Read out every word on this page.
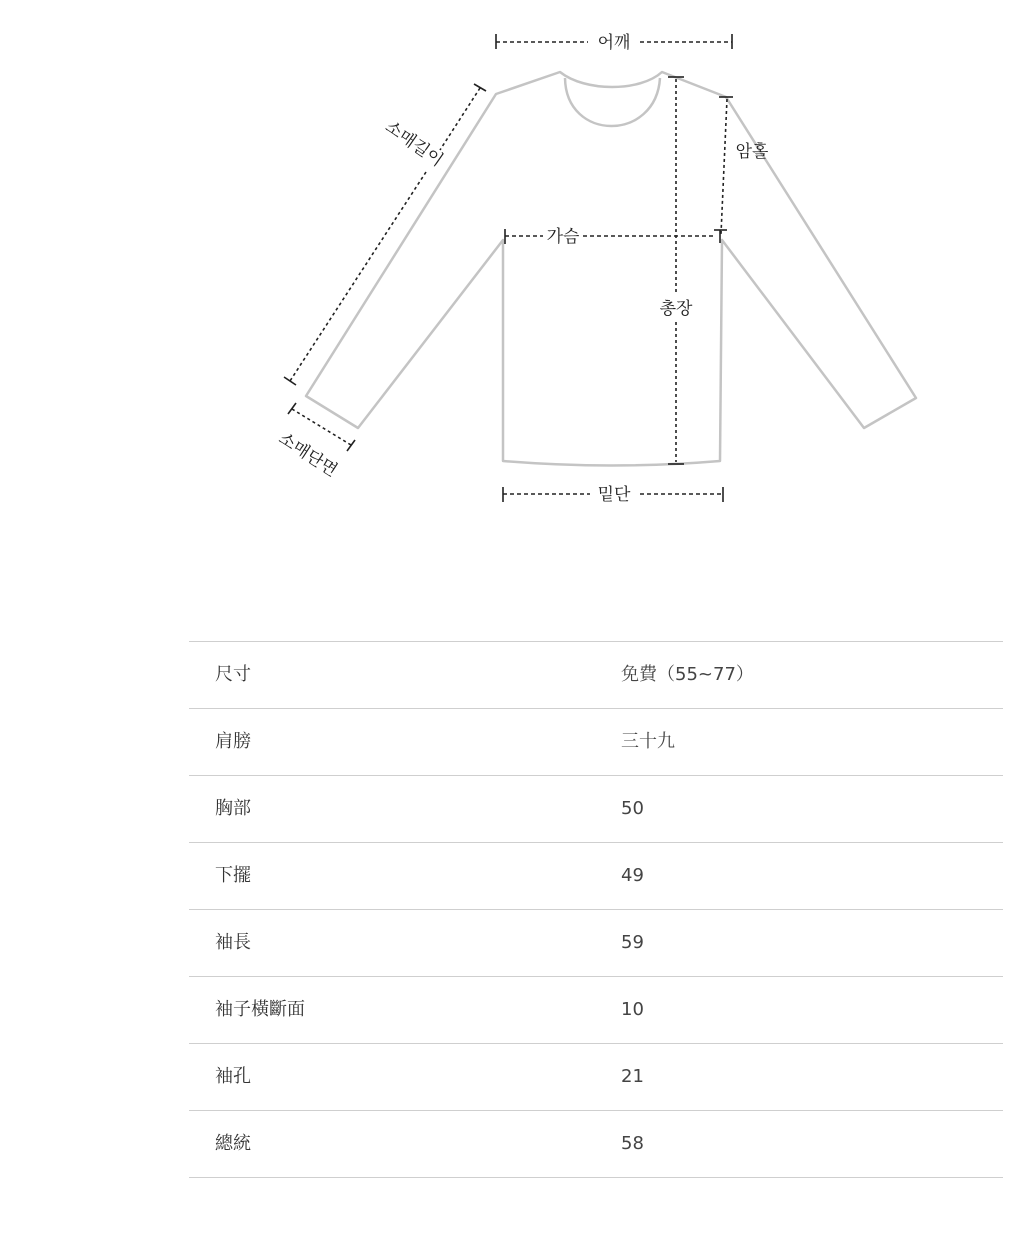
어깨
암홀
가슴
총장
밑단
소매길이
소매단면
尺寸	免費（55~77）
肩膀	三十九
胸部	50
下擺	49
袖長	59
袖子橫斷面	10
袖孔	21
總統	58
